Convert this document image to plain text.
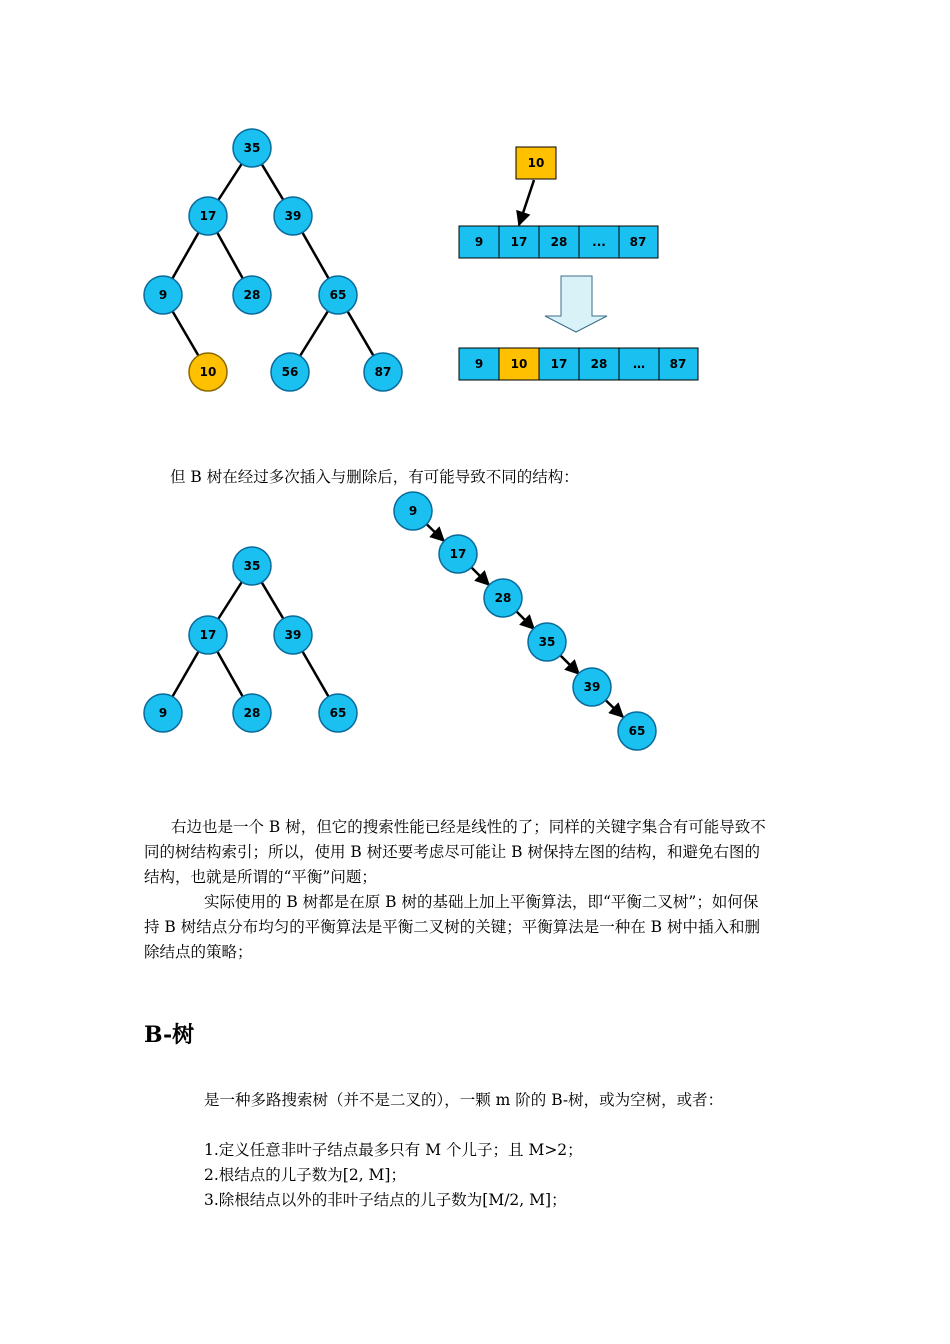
35
17	39
9	28	65
10	56	87
10
9 17 28 ... 87
9 10 17 28 … 87
35
17	39
9	28	65
9
17
28
35
39
65

但 B 树在经过多次插入与删除后，有可能导致不同的结构：

右边也是一个 B 树，但它的搜索性能已经是线性的了；同样的关键字集合有可能导致不
同的树结构索引；所以，使用 B 树还要考虑尽可能让 B 树保持左图的结构，和避免右图的
结构，也就是所谓的“平衡”问题；
实际使用的 B 树都是在原 B 树的基础上加上平衡算法，即“平衡二叉树”；如何保
持 B 树结点分布均匀的平衡算法是平衡二叉树的关键；平衡算法是一种在 B 树中插入和删
除结点的策略；
B-树

是一种多路搜索树（并不是二叉的），一颗 m 阶的 B-树，或为空树，或者：

1.定义任意非叶子结点最多只有 M 个儿子；且 M>2；
2.根结点的儿子数为[2, M]；
3.除根结点以外的非叶子结点的儿子数为[M/2, M]；
